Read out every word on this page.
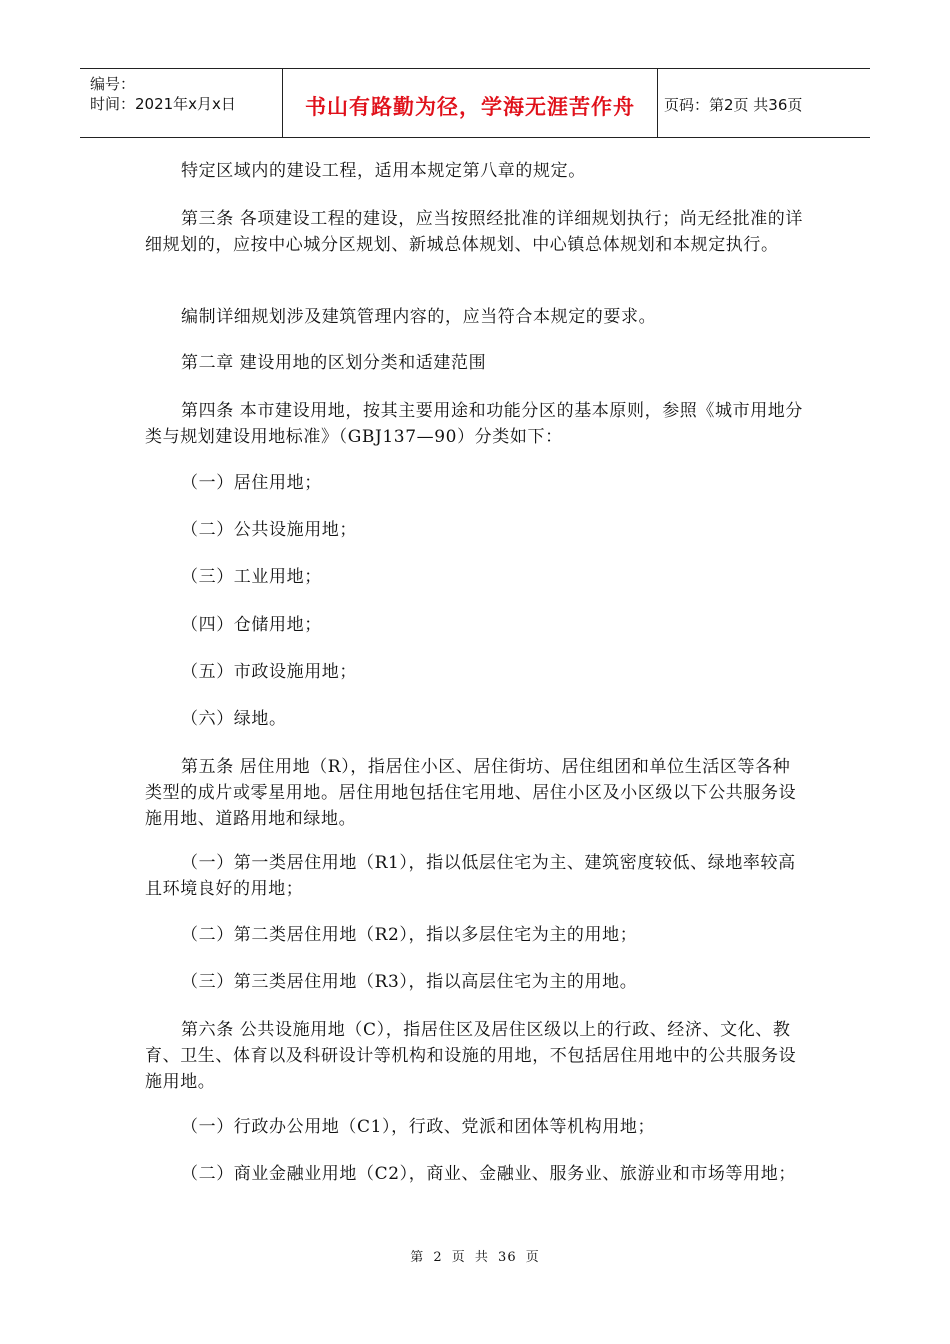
编号：
时间：2021年x月x日	书山有路勤为径，学海无涯苦作舟	页码：第2页 共36页
特定区域内的建设工程，适用本规定第八章的规定。
第三条 各项建设工程的建设，应当按照经批准的详细规划执行；尚无经批准的详细规划的，应按中心城分区规划、新城总体规划、中心镇总体规划和本规定执行。
编制详细规划涉及建筑管理内容的，应当符合本规定的要求。
第二章 建设用地的区划分类和适建范围
第四条 本市建设用地，按其主要用途和功能分区的基本原则，参照《城市用地分类与规划建设用地标准》（GBJ137—90）分类如下：
（一）居住用地；
（二）公共设施用地；
（三）工业用地；
（四）仓储用地；
（五）市政设施用地；
（六）绿地。
第五条 居住用地（R），指居住小区、居住街坊、居住组团和单位生活区等各种类型的成片或零星用地。居住用地包括住宅用地、居住小区及小区级以下公共服务设施用地、道路用地和绿地。
（一）第一类居住用地（R1），指以低层住宅为主、建筑密度较低、绿地率较高且环境良好的用地；
（二）第二类居住用地（R2），指以多层住宅为主的用地；
（三）第三类居住用地（R3），指以高层住宅为主的用地。
第六条 公共设施用地（C），指居住区及居住区级以上的行政、经济、文化、教育、卫生、体育以及科研设计等机构和设施的用地，不包括居住用地中的公共服务设施用地。
（一）行政办公用地（C1），行政、党派和团体等机构用地；
（二）商业金融业用地（C2），商业、金融业、服务业、旅游业和市场等用地；
第 2 页 共 36 页
